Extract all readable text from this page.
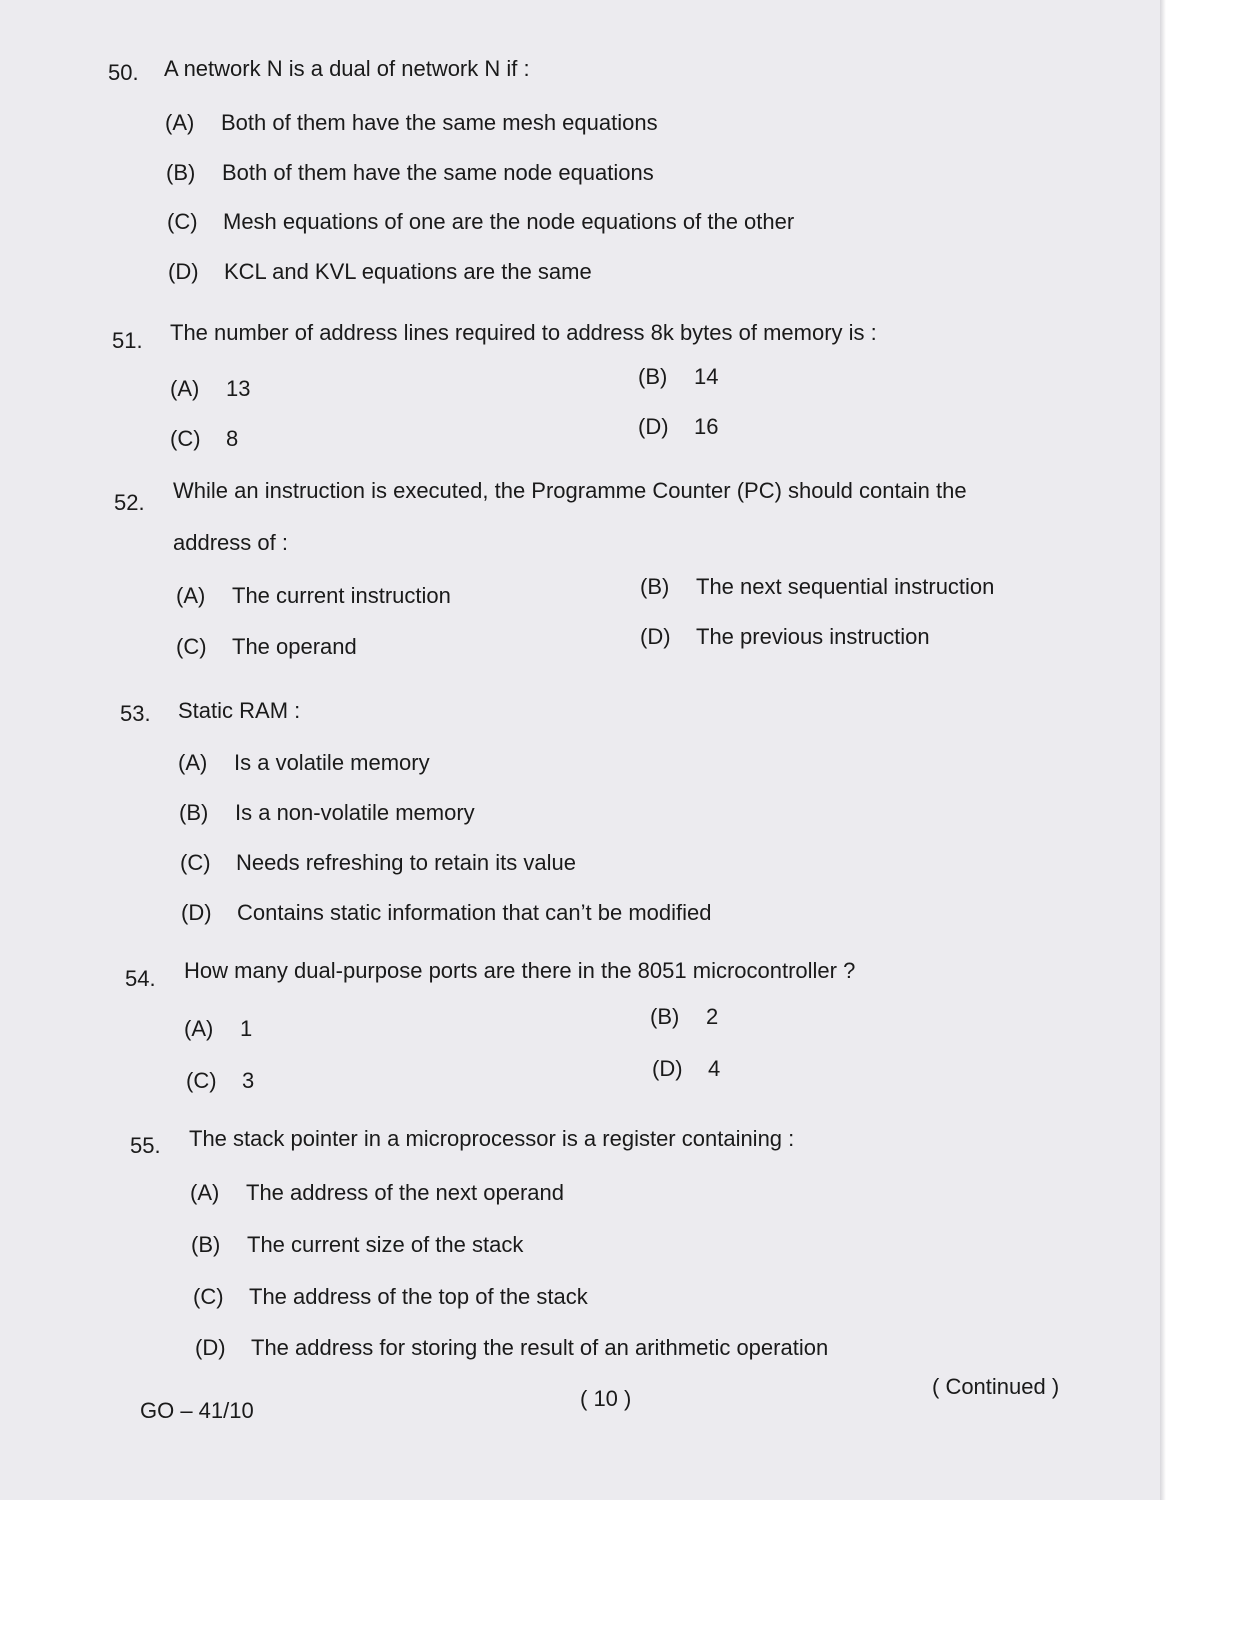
50. A network N is a dual of network N if :
(A) Both of them have the same mesh equations
(B) Both of them have the same node equations
(C) Mesh equations of one are the node equations of the other
(D) KCL and KVL equations are the same
51. The number of address lines required to address 8k bytes of memory is :
(A) 13	(B) 14
(C) 8	(D) 16
52. While an instruction is executed, the Programme Counter (PC) should contain the
address of :
(A) The current instruction	(B) The next sequential instruction
(C) The operand	(D) The previous instruction
53. Static RAM :
(A) Is a volatile memory
(B) Is a non-volatile memory
(C) Needs refreshing to retain its value
(D) Contains static information that can’t be modified
54. How many dual-purpose ports are there in the 8051 microcontroller ?
(A) 1	(B) 2
(C) 3	(D) 4
55. The stack pointer in a microprocessor is a register containing :
(A) The address of the next operand
(B) The current size of the stack
(C) The address of the top of the stack
(D) The address for storing the result of an arithmetic operation
GO – 41/10	( 10 )	( Continued )
